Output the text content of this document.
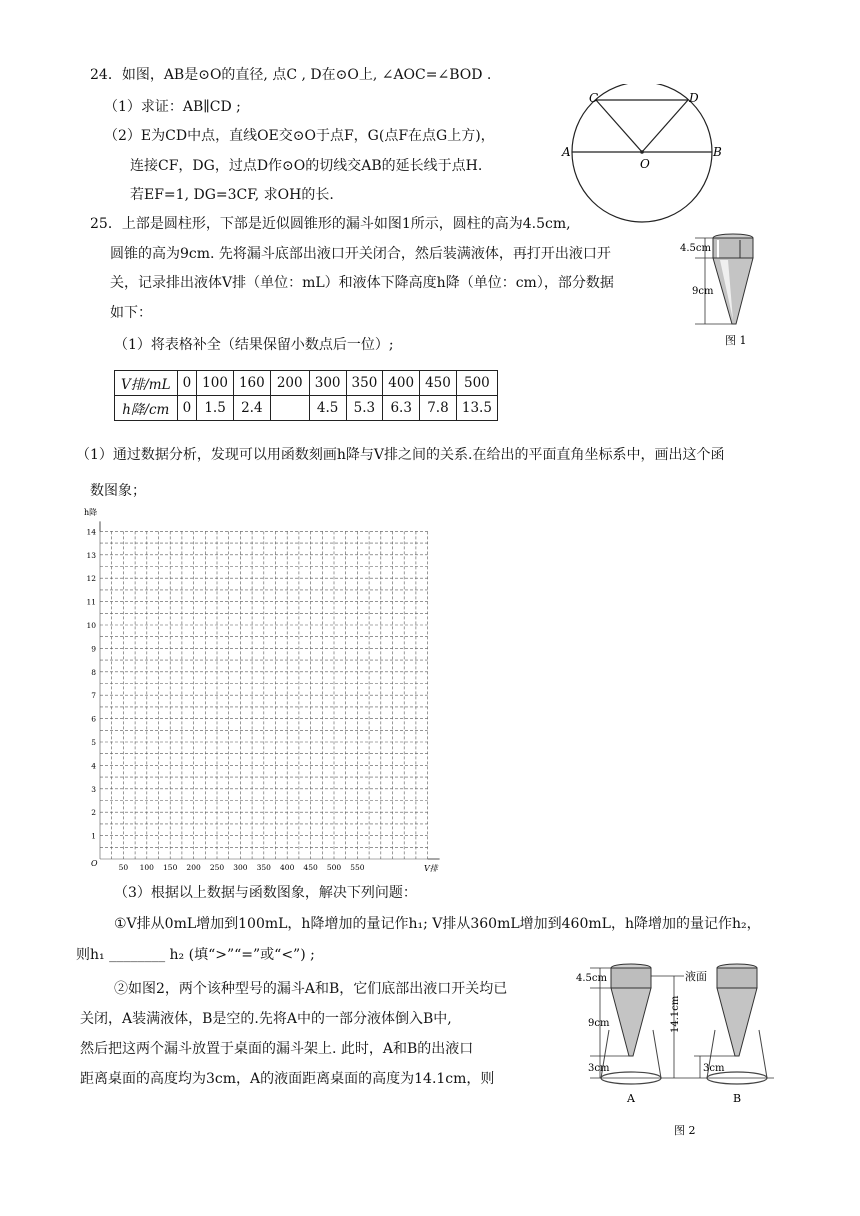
24．如图，AB是⊙O的直径, 点C , D在⊙O上, ∠AOC=∠BOD .
（1）求证：AB∥CD ;
（2）E为CD中点，直线OE交⊙O于点F，G(点F在点G上方)，
连接CF，DG，过点D作⊙O的切线交AB的延长线于点H.
若EF=1, DG=3CF, 求OH的长.
C	D
A	B
O
25．上部是圆柱形，下部是近似圆锥形的漏斗如图1所示，圆柱的高为4.5cm,
圆锥的高为9cm. 先将漏斗底部出液口开关闭合，然后装满液体，再打开出液口开
关，记录排出液体V排（单位：mL）和液体下降高度h降（单位：cm），部分数据
如下：
（1）将表格补全（结果保留小数点后一位）;
4.5cm
9cm
图 1
V排/mL	0	100	160	200	300	350	400	450	500
h降/cm	0	1.5	2.4		4.5	5.3	6.3	7.8	13.5
（1）通过数据分析，发现可以用函数刻画h降与V排之间的关系.在给出的平面直角坐标系中，画出这个函
数图象；
1
2
3
4
5
6
7
8
9
10
11
12
13
14
50 100 150 200 250 300 350 400 450 500 550
h降
V排
O
（3）根据以上数据与函数图象，解决下列问题：
①V排从0mL增加到100mL，h降增加的量记作h₁; V排从360mL增加到460mL，h降增加的量记作h₂，
则h₁ ________ h₂ (填“>”“=”或“<”) ;
②如图2，两个该种型号的漏斗A和B，它们底部出液口开关均已
关闭，A装满液体，B是空的.先将A中的一部分液体倒入B中,
然后把这两个漏斗放置于桌面的漏斗架上. 此时，A和B的出液口
距离桌面的高度均为3cm，A的液面距离桌面的高度为14.1cm，则
4.5cm
9cm
3cm
14.1cm
液面
3cm
A	B
图 2
